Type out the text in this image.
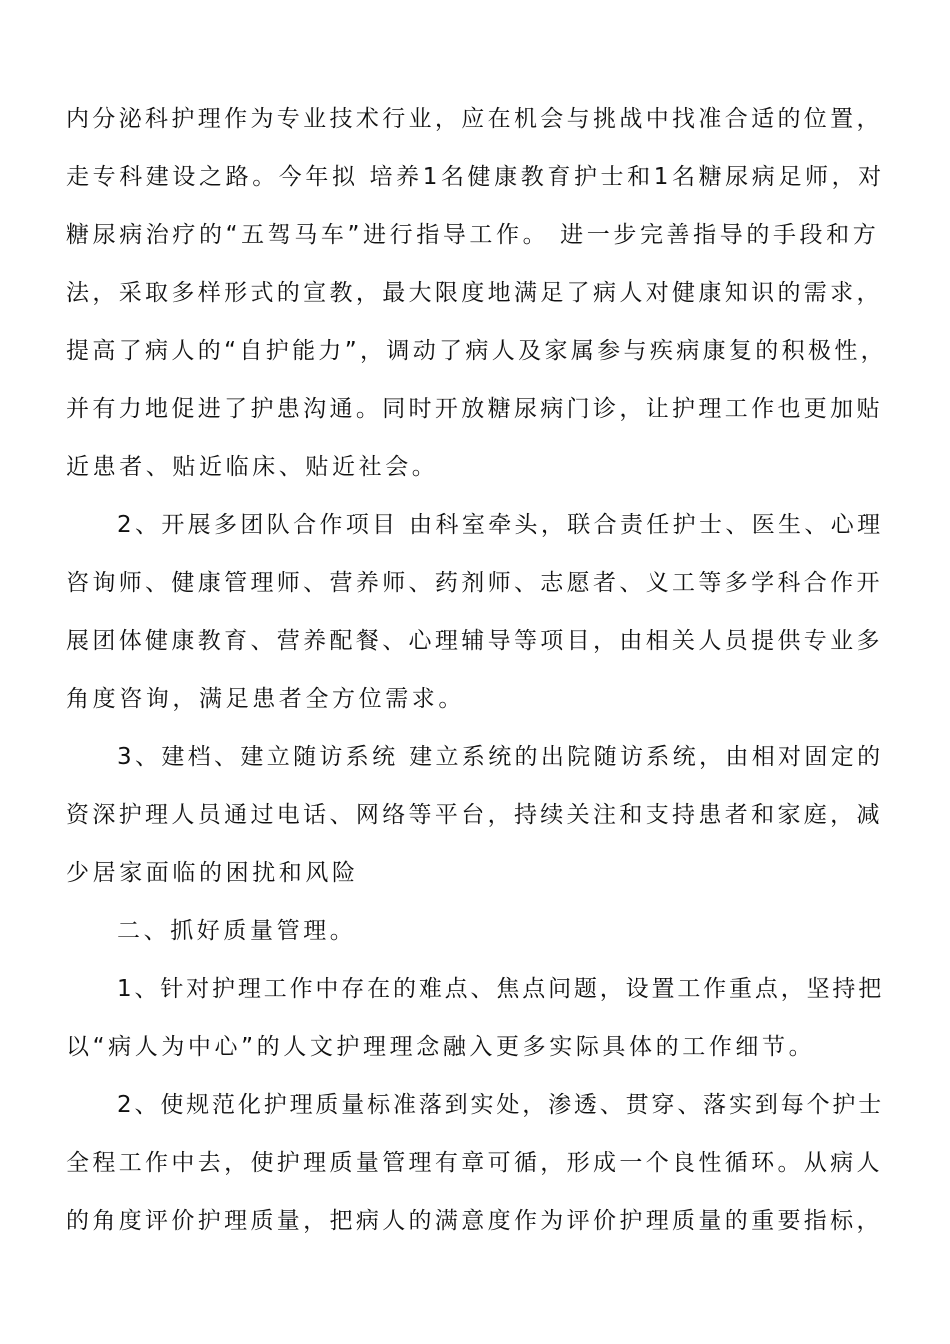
内分泌科护理作为专业技术行业，应在机会与挑战中找准合适的位置，
走专科建设之路。今年拟 培养1名健康教育护士和1名糖尿病足师，对
糖尿病治疗的“五驾马车”进行指导工作。 进一步完善指导的手段和方
法，采取多样形式的宣教，最大限度地满足了病人对健康知识的需求，
提高了病人的“自护能力”，调动了病人及家属参与疾病康复的积极性，
并有力地促进了护患沟通。同时开放糖尿病门诊，让护理工作也更加贴
近患者、贴近临床、贴近社会。
2、开展多团队合作项目 由科室牵头，联合责任护士、医生、心理
咨询师、健康管理师、营养师、药剂师、志愿者、义工等多学科合作开
展团体健康教育、营养配餐、心理辅导等项目，由相关人员提供专业多
角度咨询，满足患者全方位需求。
3、建档、建立随访系统 建立系统的出院随访系统，由相对固定的
资深护理人员通过电话、网络等平台，持续关注和支持患者和家庭，减
少居家面临的困扰和风险
二、抓好质量管理。
1、针对护理工作中存在的难点、焦点问题，设置工作重点，坚持把
以“病人为中心”的人文护理理念融入更多实际具体的工作细节。
2、使规范化护理质量标准落到实处，渗透、贯穿、落实到每个护士
全程工作中去，使护理质量管理有章可循，形成一个良性循环。从病人
的角度评价护理质量，把病人的满意度作为评价护理质量的重要指标，
